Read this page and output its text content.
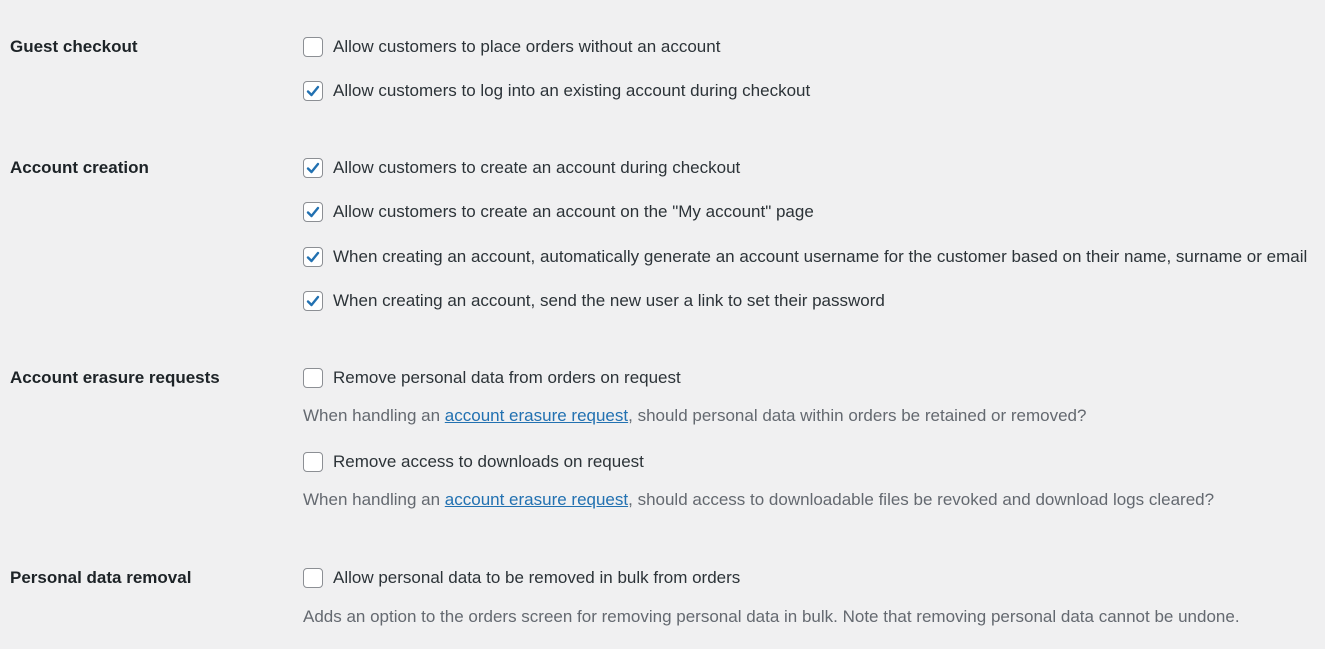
Guest checkout	Allow customers to place orders without an account
Allow customers to log into an existing account during checkout
Account creation	Allow customers to create an account during checkout
Allow customers to create an account on the "My account" page
When creating an account, automatically generate an account username for the customer based on their name, surname or email
When creating an account, send the new user a link to set their password
Account erasure requests	Remove personal data from orders on request
When handling an account erasure request, should personal data within orders be retained or removed?
Remove access to downloads on request
When handling an account erasure request, should access to downloadable files be revoked and download logs cleared?
Personal data removal	Allow personal data to be removed in bulk from orders
Adds an option to the orders screen for removing personal data in bulk. Note that removing personal data cannot be undone.
